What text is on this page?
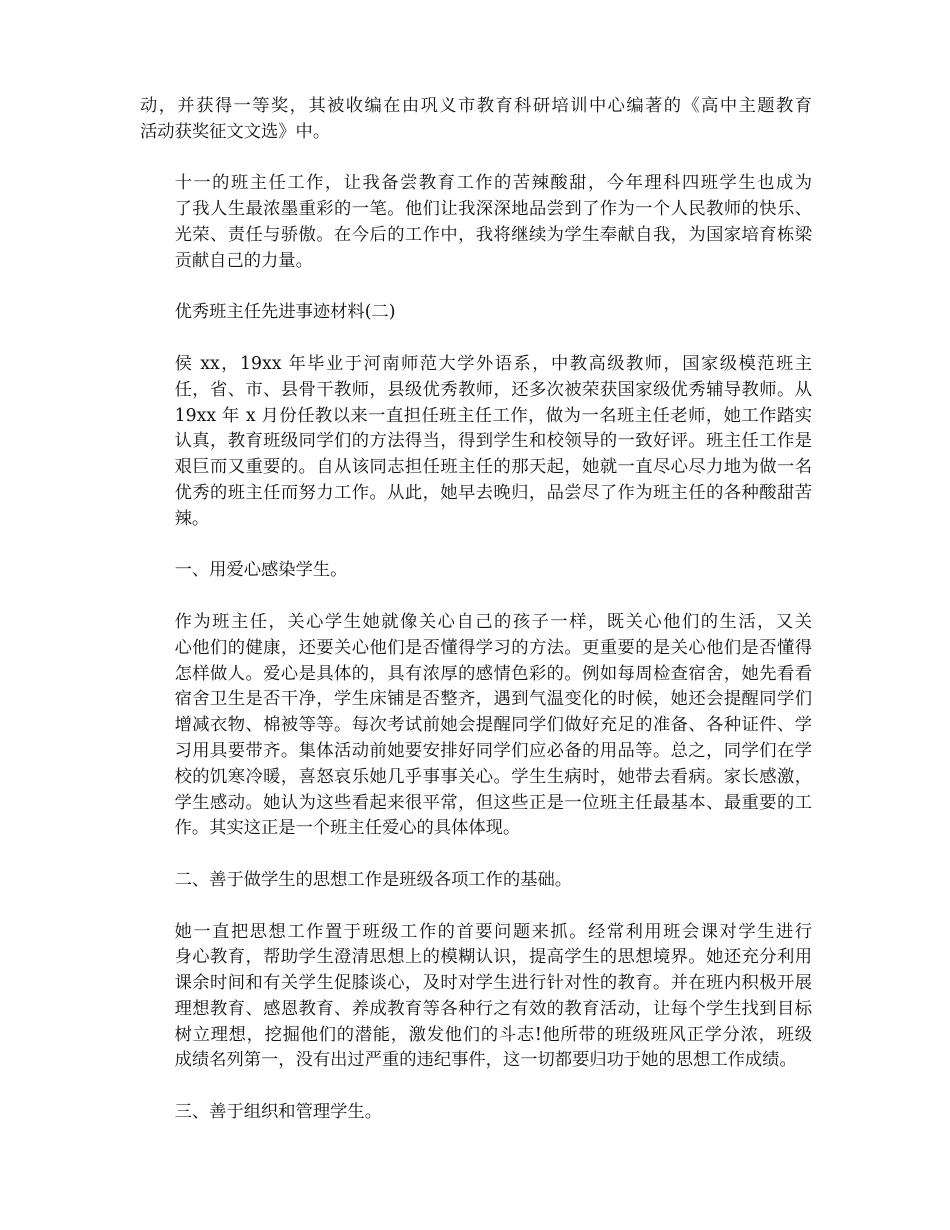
动，并获得一等奖，其被收编在由巩义市教育科研培训中心编著的《高中主题教育
活动获奖征文文选》中。

十一的班主任工作，让我备尝教育工作的苦辣酸甜，今年理科四班学生也成为
了我人生最浓墨重彩的一笔。他们让我深深地品尝到了作为一个人民教师的快乐、
光荣、责任与骄傲。在今后的工作中，我将继续为学生奉献自我，为国家培育栋梁
贡献自己的力量。

优秀班主任先进事迹材料(二)

侯 xx，19xx 年毕业于河南师范大学外语系，中教高级教师，国家级模范班主
任，省、市、县骨干教师，县级优秀教师，还多次被荣获国家级优秀辅导教师。从
19xx 年 x 月份任教以来一直担任班主任工作，做为一名班主任老师，她工作踏实
认真，教育班级同学们的方法得当，得到学生和校领导的一致好评。班主任工作是
艰巨而又重要的。自从该同志担任班主任的那天起，她就一直尽心尽力地为做一名
优秀的班主任而努力工作。从此，她早去晚归，品尝尽了作为班主任的各种酸甜苦
辣。

一、用爱心感染学生。

作为班主任，关心学生她就像关心自己的孩子一样，既关心他们的生活，又关
心他们的健康，还要关心他们是否懂得学习的方法。更重要的是关心他们是否懂得
怎样做人。爱心是具体的，具有浓厚的感情色彩的。例如每周检查宿舍，她先看看
宿舍卫生是否干净，学生床铺是否整齐，遇到气温变化的时候，她还会提醒同学们
增减衣物、棉被等等。每次考试前她会提醒同学们做好充足的准备、各种证件、学
习用具要带齐。集体活动前她要安排好同学们应必备的用品等。总之，同学们在学
校的饥寒冷暖，喜怒哀乐她几乎事事关心。学生生病时，她带去看病。家长感激，
学生感动。她认为这些看起来很平常，但这些正是一位班主任最基本、最重要的工
作。其实这正是一个班主任爱心的具体体现。

二、善于做学生的思想工作是班级各项工作的基础。

她一直把思想工作置于班级工作的首要问题来抓。经常利用班会课对学生进行
身心教育，帮助学生澄清思想上的模糊认识，提高学生的思想境界。她还充分利用
课余时间和有关学生促膝谈心，及时对学生进行针对性的教育。并在班内积极开展
理想教育、感恩教育、养成教育等各种行之有效的教育活动，让每个学生找到目标
树立理想，挖掘他们的潜能，激发他们的斗志!他所带的班级班风正学分浓，班级
成绩名列第一，没有出过严重的违纪事件，这一切都要归功于她的思想工作成绩。

三、善于组织和管理学生。
